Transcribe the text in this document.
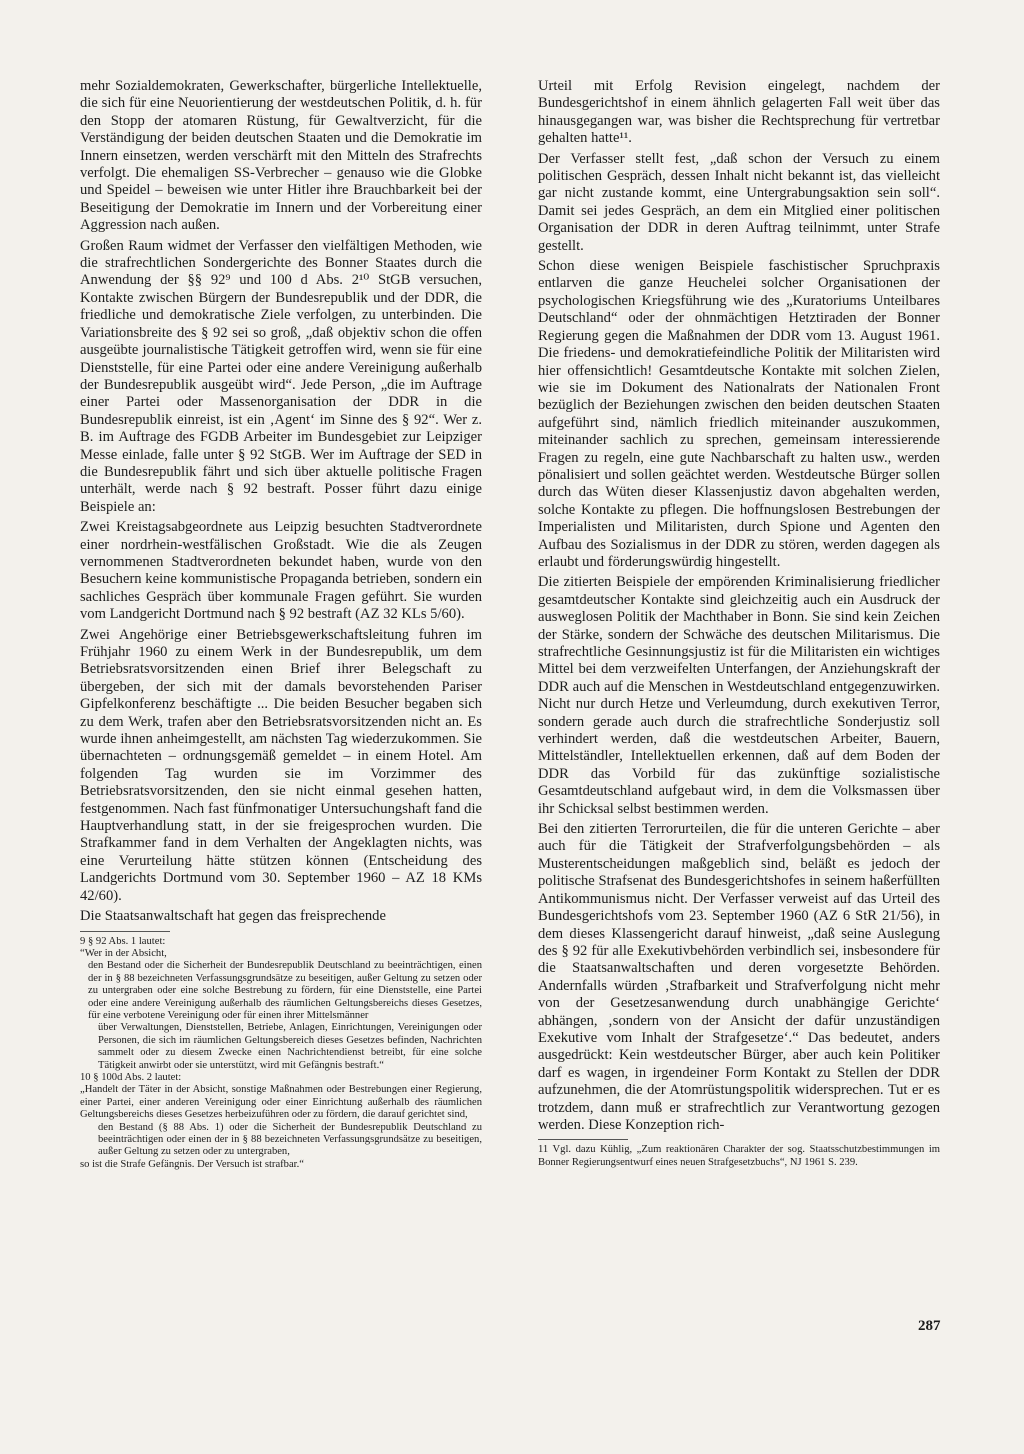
mehr Sozialdemokraten, Gewerkschafter, bürgerliche Intellektuelle, die sich für eine Neuorientierung der westdeutschen Politik, d. h. für den Stopp der atomaren Rüstung, für Gewaltverzicht, für die Verständigung der beiden deutschen Staaten und die Demokratie im Innern einsetzen, werden verschärft mit den Mitteln des Strafrechts verfolgt. Die ehemaligen SS-Verbrecher – genauso wie die Globke und Speidel – beweisen wie unter Hitler ihre Brauchbarkeit bei der Beseitigung der Demokratie im Innern und der Vorbereitung einer Aggression nach außen.

Großen Raum widmet der Verfasser den vielfältigen Methoden, wie die strafrechtlichen Sondergerichte des Bonner Staates durch die Anwendung der §§ 92⁹ und 100 d Abs. 2¹⁰ StGB versuchen, Kontakte zwischen Bürgern der Bundesrepublik und der DDR, die friedliche und demokratische Ziele verfolgen, zu unterbinden. Die Variationsbreite des § 92 sei so groß, „daß objektiv schon die offen ausgeübte journalistische Tätigkeit getroffen wird, wenn sie für eine Dienststelle, für eine Partei oder eine andere Vereinigung außerhalb der Bundesrepublik ausgeübt wird“. Jede Person, „die im Auftrage einer Partei oder Massenorganisation der DDR in die Bundesrepublik einreist, ist ein ‚Agent‘ im Sinne des § 92“. Wer z. B. im Auftrage des FGDB Arbeiter im Bundesgebiet zur Leipziger Messe einlade, falle unter § 92 StGB. Wer im Auftrage der SED in die Bundesrepublik fährt und sich über aktuelle politische Fragen unterhält, werde nach § 92 bestraft. Posser führt dazu einige Beispiele an:

Zwei Kreistagsabgeordnete aus Leipzig besuchten Stadtverordnete einer nordrhein-westfälischen Großstadt. Wie die als Zeugen vernommenen Stadtverordneten bekundet haben, wurde von den Besuchern keine kommunistische Propaganda betrieben, sondern ein sachliches Gespräch über kommunale Fragen geführt. Sie wurden vom Landgericht Dortmund nach § 92 bestraft (AZ 32 KLs 5/60).

Zwei Angehörige einer Betriebsgewerkschaftsleitung fuhren im Frühjahr 1960 zu einem Werk in der Bundesrepublik, um dem Betriebsratsvorsitzenden einen Brief ihrer Belegschaft zu übergeben, der sich mit der damals bevorstehenden Pariser Gipfelkonferenz beschäftigte ... Die beiden Besucher begaben sich zu dem Werk, trafen aber den Betriebsratsvorsitzenden nicht an. Es wurde ihnen anheimgestellt, am nächsten Tag wiederzukommen. Sie übernachteten – ordnungsgemäß gemeldet – in einem Hotel. Am folgenden Tag wurden sie im Vorzimmer des Betriebsratsvorsitzenden, den sie nicht einmal gesehen hatten, festgenommen. Nach fast fünfmonatiger Untersuchungshaft fand die Hauptverhandlung statt, in der sie freigesprochen wurden. Die Strafkammer fand in dem Verhalten der Angeklagten nichts, was eine Verurteilung hätte stützen können (Entscheidung des Landgerichts Dortmund vom 30. September 1960 – AZ 18 KMs 42/60).

Die Staatsanwaltschaft hat gegen das freisprechende

9 § 92 Abs. 1 lautet:

“Wer in der Absicht,

den Bestand oder die Sicherheit der Bundesrepublik Deutschland zu beeinträchtigen, einen der in § 88 bezeichneten Verfassungsgrundsätze zu beseitigen, außer Geltung zu setzen oder zu untergraben oder eine solche Bestrebung zu fördern, für eine Dienststelle, eine Partei oder eine andere Vereinigung außerhalb des räumlichen Geltungsbereichs dieses Gesetzes, für eine verbotene Vereinigung oder für einen ihrer Mittelsmänner

über Verwaltungen, Dienststellen, Betriebe, Anlagen, Einrichtungen, Vereinigungen oder Personen, die sich im räumlichen Geltungsbereich dieses Gesetzes befinden, Nachrichten sammelt oder zu diesem Zwecke einen Nachrichtendienst betreibt, für eine solche Tätigkeit anwirbt oder sie unterstützt, wird mit Gefängnis bestraft.“

10 § 100d Abs. 2 lautet:

„Handelt der Täter in der Absicht, sonstige Maßnahmen oder Bestrebungen einer Regierung, einer Partei, einer anderen Vereinigung oder einer Einrichtung außerhalb des räumlichen Geltungsbereichs dieses Gesetzes herbeizuführen oder zu fördern, die darauf gerichtet sind,

den Bestand (§ 88 Abs. 1) oder die Sicherheit der Bundesrepublik Deutschland zu beeinträchtigen oder einen der in § 88 bezeichneten Verfassungsgrundsätze zu beseitigen, außer Geltung zu setzen oder zu untergraben,

so ist die Strafe Gefängnis. Der Versuch ist strafbar.“

Urteil mit Erfolg Revision eingelegt, nachdem der Bundesgerichtshof in einem ähnlich gelagerten Fall weit über das hinausgegangen war, was bisher die Rechtsprechung für vertretbar gehalten hatte¹¹.

Der Verfasser stellt fest, „daß schon der Versuch zu einem politischen Gespräch, dessen Inhalt nicht bekannt ist, das vielleicht gar nicht zustande kommt, eine Untergrabungsaktion sein soll“. Damit sei jedes Gespräch, an dem ein Mitglied einer politischen Organisation der DDR in deren Auftrag teilnimmt, unter Strafe gestellt.

Schon diese wenigen Beispiele faschistischer Spruchpraxis entlarven die ganze Heuchelei solcher Organisationen der psychologischen Kriegsführung wie des „Kuratoriums Unteilbares Deutschland“ oder der ohnmächtigen Hetztiraden der Bonner Regierung gegen die Maßnahmen der DDR vom 13. August 1961. Die friedens- und demokratiefeindliche Politik der Militaristen wird hier offensichtlich! Gesamtdeutsche Kontakte mit solchen Zielen, wie sie im Dokument des Nationalrats der Nationalen Front bezüglich der Beziehungen zwischen den beiden deutschen Staaten aufgeführt sind, nämlich friedlich miteinander auszukommen, miteinander sachlich zu sprechen, gemeinsam interessierende Fragen zu regeln, eine gute Nachbarschaft zu halten usw., werden pönalisiert und sollen geächtet werden. Westdeutsche Bürger sollen durch das Wüten dieser Klassenjustiz davon abgehalten werden, solche Kontakte zu pflegen. Die hoffnungslosen Bestrebungen der Imperialisten und Militaristen, durch Spione und Agenten den Aufbau des Sozialismus in der DDR zu stören, werden dagegen als erlaubt und förderungswürdig hingestellt.

Die zitierten Beispiele der empörenden Kriminalisierung friedlicher gesamtdeutscher Kontakte sind gleichzeitig auch ein Ausdruck der ausweglosen Politik der Machthaber in Bonn. Sie sind kein Zeichen der Stärke, sondern der Schwäche des deutschen Militarismus. Die strafrechtliche Gesinnungsjustiz ist für die Militaristen ein wichtiges Mittel bei dem verzweifelten Unterfangen, der Anziehungskraft der DDR auch auf die Menschen in Westdeutschland entgegenzuwirken. Nicht nur durch Hetze und Verleumdung, durch exekutiven Terror, sondern gerade auch durch die strafrechtliche Sonderjustiz soll verhindert werden, daß die westdeutschen Arbeiter, Bauern, Mittelständler, Intellektuellen erkennen, daß auf dem Boden der DDR das Vorbild für das zukünftige sozialistische Gesamtdeutschland aufgebaut wird, in dem die Volksmassen über ihr Schicksal selbst bestimmen werden.

Bei den zitierten Terrorurteilen, die für die unteren Gerichte – aber auch für die Tätigkeit der Strafverfolgungsbehörden – als Musterentscheidungen maßgeblich sind, beläßt es jedoch der politische Strafsenat des Bundesgerichtshofes in seinem haßerfüllten Antikommunismus nicht. Der Verfasser verweist auf das Urteil des Bundesgerichtshofs vom 23. September 1960 (AZ 6 StR 21/56), in dem dieses Klassengericht darauf hinweist, „daß seine Auslegung des § 92 für alle Exekutivbehörden verbindlich sei, insbesondere für die Staatsanwaltschaften und deren vorgesetzte Behörden. Andernfalls würden ‚Strafbarkeit und Strafverfolgung nicht mehr von der Gesetzesanwendung durch unabhängige Gerichte‘ abhängen, ‚sondern von der Ansicht der dafür unzuständigen Exekutive vom Inhalt der Strafgesetze‘.“ Das bedeutet, anders ausgedrückt: Kein westdeutscher Bürger, aber auch kein Politiker darf es wagen, in irgendeiner Form Kontakt zu Stellen der DDR aufzunehmen, die der Atomrüstungspolitik widersprechen. Tut er es trotzdem, dann muß er strafrechtlich zur Verantwortung gezogen werden. Diese Konzeption rich-

11 Vgl. dazu Kühlig, „Zum reaktionären Charakter der sog. Staatsschutzbestimmungen im Bonner Regierungsentwurf eines neuen Strafgesetzbuchs“, NJ 1961 S. 239.

287
